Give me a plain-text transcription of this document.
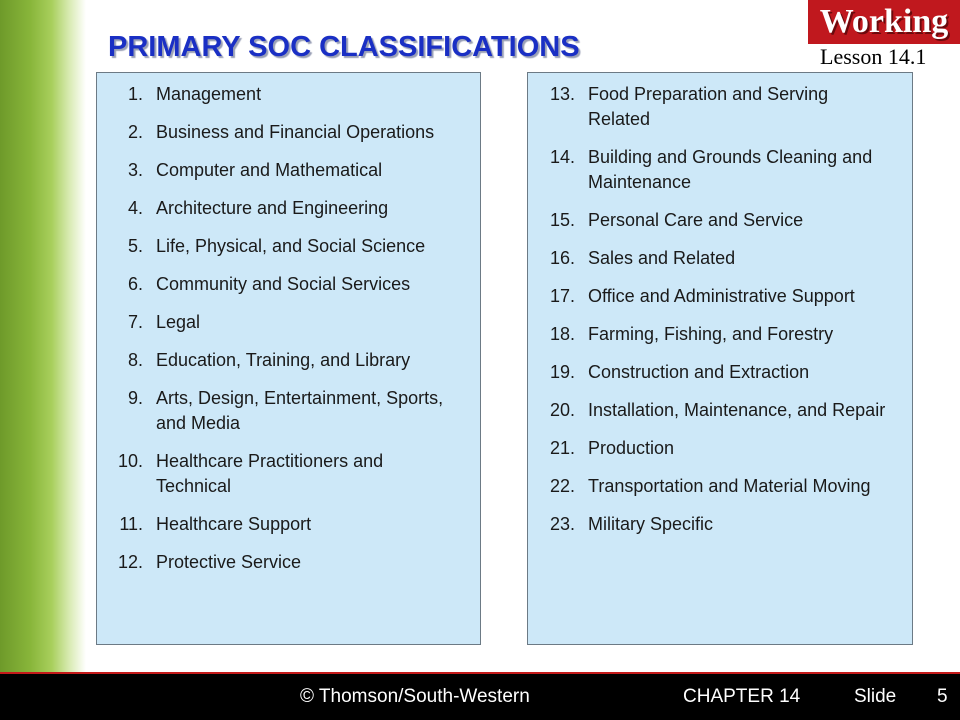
Working
Lesson 14.1
PRIMARY SOC CLASSIFICATIONS
1. Management
2. Business and Financial Operations
3. Computer and Mathematical
4. Architecture and Engineering
5. Life, Physical, and Social Science
6. Community and Social Services
7. Legal
8. Education, Training, and Library
9. Arts, Design, Entertainment, Sports, and Media
10. Healthcare Practitioners and Technical
11. Healthcare Support
12. Protective Service
13. Food Preparation and Serving Related
14. Building and Grounds Cleaning and Maintenance
15. Personal Care and Service
16. Sales and Related
17. Office and Administrative Support
18. Farming, Fishing, and Forestry
19. Construction and Extraction
20. Installation, Maintenance, and Repair
21. Production
22. Transportation and Material Moving
23. Military Specific
© Thomson/South-Western	CHAPTER 14	Slide 5
